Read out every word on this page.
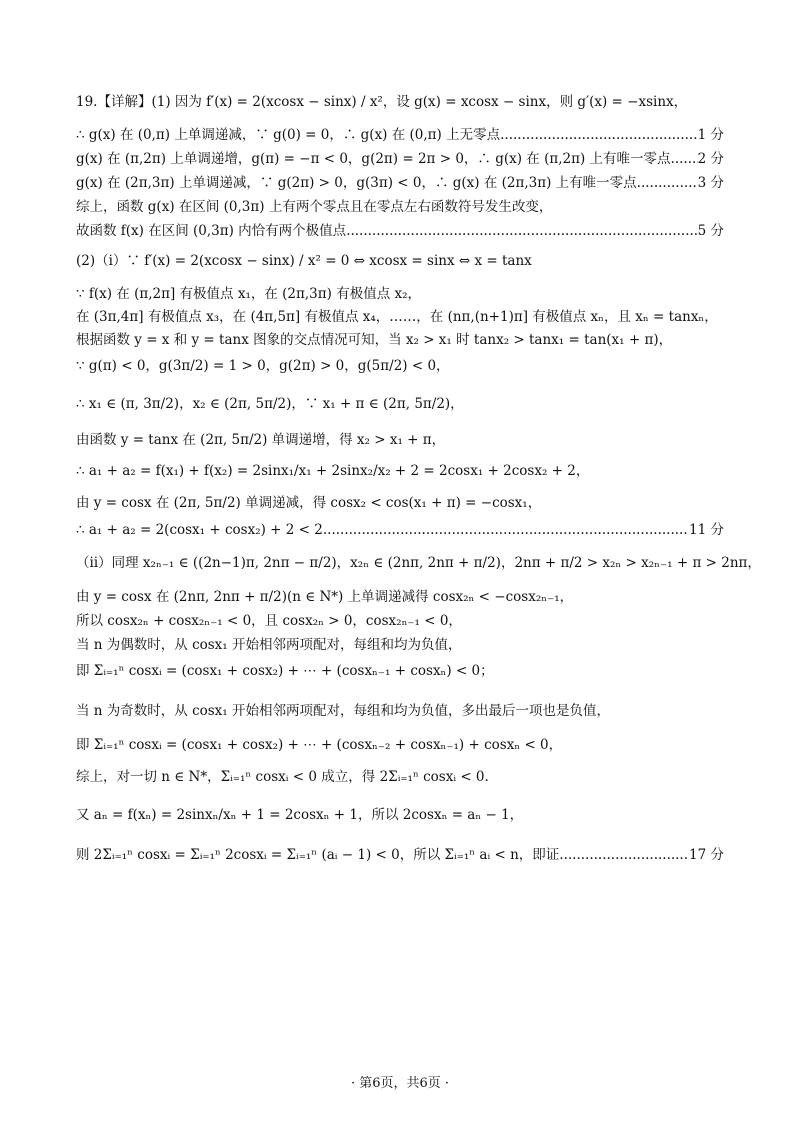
19.【详解】(1) 因为 f′(x) = 2(xcosx − sinx) / x²，设 g(x) = xcosx − sinx，则 g′(x) = −xsinx，
∴ g(x) 在 (0,π) 上单调递减，∵ g(0) = 0，∴ g(x) 在 (0,π) 上无零点 .....	1 分
g(x) 在 (π,2π) 上单调递增，g(π) = −π < 0，g(2π) = 2π > 0，∴ g(x) 在 (π,2π) 上有唯一零点 ..... 2 分
g(x) 在 (2π,3π) 上单调递减，∵ g(2π) > 0，g(3π) < 0，∴ g(x) 在 (2π,3π) 上有唯一零点 .....	3 分
综上，函数 g(x) 在区间 (0,3π) 上有两个零点且在零点左右函数符号发生改变，
故函数 f(x) 在区间 (0,3π) 内恰有两个极值点 .....	5 分
(2)（ⅰ）∵ f′(x) = 2(xcosx − sinx) / x² = 0 ⇔ xcosx = sinx ⇔ x = tanx
∵ f(x) 在 (π,2π] 有极值点 x₁，在 (2π,3π) 有极值点 x₂，
在 (3π,4π] 有极值点 x₃，在 (4π,5π] 有极值点 x₄，……，在 (nπ,(n+1)π] 有极值点 xₙ，且 xₙ = tanxₙ，
根据函数 y = x 和 y = tanx 图象的交点情况可知，当 x₂ > x₁ 时 tanx₂ > tanx₁ = tan(x₁ + π)，
∵ g(π) < 0，g(3π/2) = 1 > 0，g(2π) > 0，g(5π/2) < 0，
∴ x₁ ∈ (π, 3π/2)，x₂ ∈ (2π, 5π/2)，∵ x₁ + π ∈ (2π, 5π/2)，
由函数 y = tanx 在 (2π, 5π/2) 单调递增，得 x₂ > x₁ + π，
∴ a₁ + a₂ = f(x₁) + f(x₂) = 2sinx₁/x₁ + 2sinx₂/x₂ + 2 = 2cosx₁ + 2cosx₂ + 2，
由 y = cosx 在 (2π, 5π/2) 单调递减，得 cosx₂ < cos(x₁ + π) = −cosx₁，
∴ a₁ + a₂ = 2(cosx₁ + cosx₂) + 2 < 2 .....	11 分
（ⅱ）同理 x₂ₙ₋₁ ∈ ((2n−1)π, 2nπ − π/2)，x₂ₙ ∈ (2nπ, 2nπ + π/2)，2nπ + π/2 > x₂ₙ > x₂ₙ₋₁ + π > 2nπ，
由 y = cosx 在 (2nπ, 2nπ + π/2)(n ∈ N*) 上单调递减得 cosx₂ₙ < −cosx₂ₙ₋₁，
所以 cosx₂ₙ + cosx₂ₙ₋₁ < 0，且 cosx₂ₙ > 0，cosx₂ₙ₋₁ < 0，
当 n 为偶数时，从 cosx₁ 开始相邻两项配对，每组和均为负值，
即 Σᵢ₌₁ⁿ cosxᵢ = (cosx₁ + cosx₂) + ⋯ + (cosxₙ₋₁ + cosxₙ) < 0；
当 n 为奇数时，从 cosx₁ 开始相邻两项配对，每组和均为负值，多出最后一项也是负值，
即 Σᵢ₌₁ⁿ cosxᵢ = (cosx₁ + cosx₂) + ⋯ + (cosxₙ₋₂ + cosxₙ₋₁) + cosxₙ < 0，
综上，对一切 n ∈ N*，Σᵢ₌₁ⁿ cosxᵢ < 0 成立，得 2Σᵢ₌₁ⁿ cosxᵢ < 0.
又 aₙ = f(xₙ) = 2sinxₙ/xₙ + 1 = 2cosxₙ + 1，所以 2cosxₙ = aₙ − 1，
则 2Σᵢ₌₁ⁿ cosxᵢ = Σᵢ₌₁ⁿ 2cosxᵢ = Σᵢ₌₁ⁿ (aᵢ − 1) < 0，所以 Σᵢ₌₁ⁿ aᵢ < n，即证 .....	17 分
· 第6页，共6页 ·
